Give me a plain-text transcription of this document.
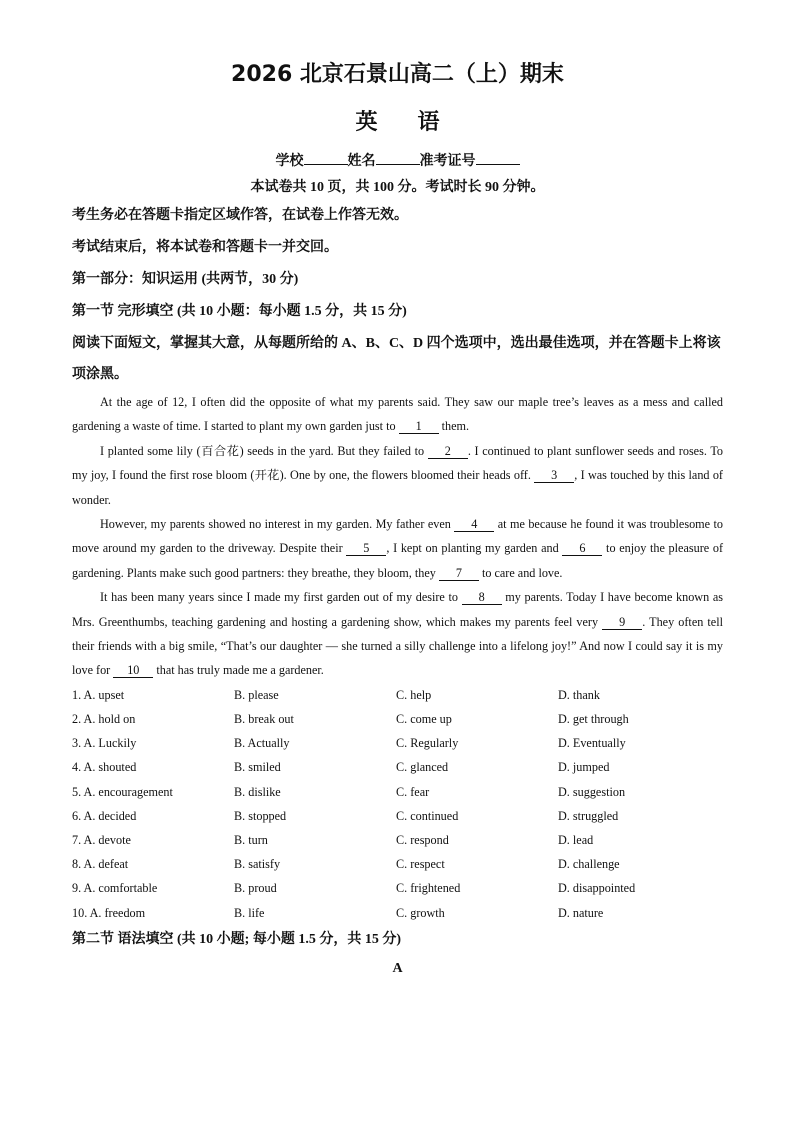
2026 北京石景山高二（上）期末
英语
学校	姓名	准考证号
本试卷共 10 页，共 100 分。考试时长 90 分钟。
考生务必在答题卡指定区域作答，在试卷上作答无效。
考试结束后，将本试卷和答题卡一并交回。
第一部分：知识运用 (共两节，30 分)
第一节 完形填空 (共 10 小题：每小题 1.5 分，共 15 分)
阅读下面短文，掌握其大意，从每题所给的 A、B、C、D 四个选项中，选出最佳选项，并在答题卡上将该项涂黑。

At the age of 12, I often did the opposite of what my parents said. They saw our maple tree’s leaves as a mess and called gardening a waste of time. I started to plant my own garden just to 1 them.

I planted some lily (百合花) seeds in the yard. But they failed to 2 . I continued to plant sunflower seeds and roses. To my joy, I found the first rose bloom (开花). One by one, the flowers bloomed their heads off. 3 , I was touched by this land of wonder.

However, my parents showed no interest in my garden. My father even 4 at me because he found it was troublesome to move around my garden to the driveway. Despite their 5 , I kept on planting my garden and 6 to enjoy the pleasure of gardening. Plants make such good partners: they breathe, they bloom, they 7 to care and love.

It has been many years since I made my first garden out of my desire to 8 my parents. Today I have become known as Mrs. Greenthumbs, teaching gardening and hosting a gardening show, which makes my parents feel very 9 . They often tell their friends with a big smile, “That’s our daughter — she turned a silly challenge into a lifelong joy!” And now I could say it is my love for 10 that has truly made me a gardener.

1. A. upset	B. please	C. help	D. thank
2. A. hold on	B. break out	C. come up	D. get through
3. A. Luckily	B. Actually	C. Regularly	D. Eventually
4. A. shouted	B. smiled	C. glanced	D. jumped
5. A. encouragement	B. dislike	C. fear	D. suggestion
6. A. decided	B. stopped	C. continued	D. struggled
7. A. devote	B. turn	C. respond	D. lead
8. A. defeat	B. satisfy	C. respect	D. challenge
9. A. comfortable	B. proud	C. frightened	D. disappointed
10. A. freedom	B. life	C. growth	D. nature
第二节 语法填空 (共 10 小题; 每小题 1.5 分，共 15 分)
A
